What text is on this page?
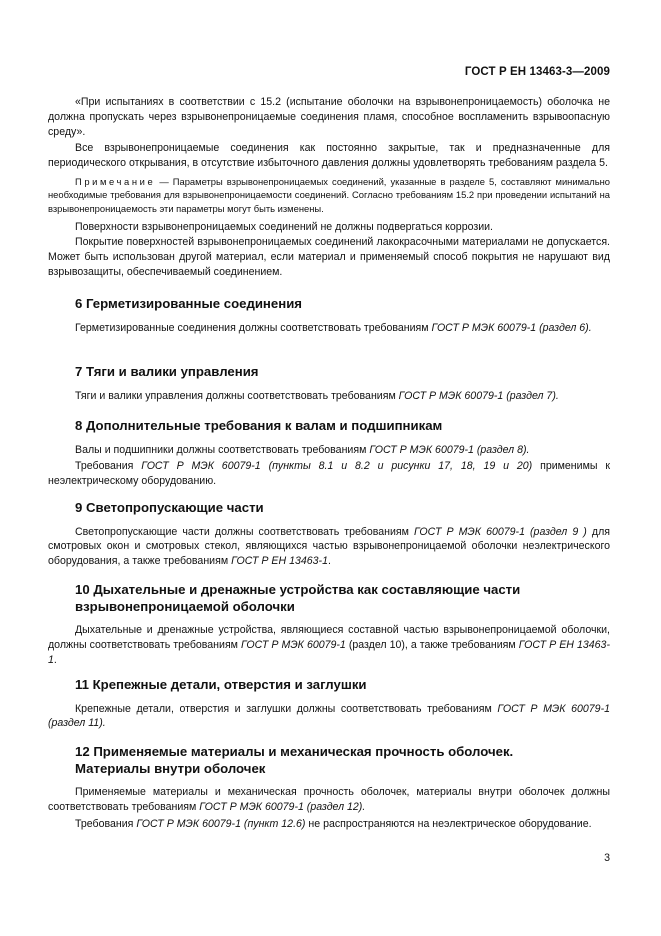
ГОСТ Р ЕН 13463-3—2009

«При испытаниях в соответствии с 15.2 (испытание оболочки на взрывонепроницаемость) оболочка не должна пропускать через взрывонепроницаемые соединения пламя, способное воспламенить взрывоопасную среду».

Все взрывонепроницаемые соединения как постоянно закрытые, так и предназначенные для периодического открывания, в отсутствие избыточного давления должны удовлетворять требованиям раздела 5.

Примечание — Параметры взрывонепроницаемых соединений, указанные в разделе 5, составляют минимально необходимые требования для взрывонепроницаемости соединений. Согласно требованиям 15.2 при проведении испытаний на взрывонепроницаемость эти параметры могут быть изменены.

Поверхности взрывонепроницаемых соединений не должны подвергаться коррозии.

Покрытие поверхностей взрывонепроницаемых соединений лакокрасочными материалами не допускается. Может быть использован другой материал, если материал и применяемый способ покрытия не нарушают вид взрывозащиты, обеспечиваемый соединением.

6 Герметизированные соединения

Герметизированные соединения должны соответствовать требованиям ГОСТ Р МЭК 60079-1 (раздел 6).

7 Тяги и валики управления

Тяги и валики управления должны соответствовать требованиям ГОСТ Р МЭК 60079-1 (раздел 7).

8 Дополнительные требования к валам и подшипникам

Валы и подшипники должны соответствовать требованиям ГОСТ Р МЭК 60079-1 (раздел 8).

Требования ГОСТ Р МЭК 60079-1 (пункты 8.1 и 8.2 и рисунки 17, 18, 19 и 20) применимы к неэлектрическому оборудованию.

9 Светопропускающие части

Светопропускающие части должны соответствовать требованиям ГОСТ Р МЭК 60079-1 (раздел 9 ) для смотровых окон и смотровых стекол, являющихся частью взрывонепроницаемой оболочки неэлектрического оборудования, а также требованиям ГОСТ Р ЕН 13463-1.

10 Дыхательные и дренажные устройства как составляющие части
взрывонепроницаемой оболочки

Дыхательные и дренажные устройства, являющиеся составной частью взрывонепроницаемой оболочки, должны соответствовать требованиям ГОСТ Р МЭК 60079-1 (раздел 10), а также требованиям ГОСТ Р ЕН 13463-1.

11 Крепежные детали, отверстия и заглушки

Крепежные детали, отверстия и заглушки должны соответствовать требованиям ГОСТ Р МЭК 60079-1 (раздел 11).

12 Применяемые материалы и механическая прочность оболочек.
Материалы внутри оболочек

Применяемые материалы и механическая прочность оболочек, материалы внутри оболочек должны соответствовать требованиям ГОСТ Р МЭК 60079-1 (раздел 12).

Требования ГОСТ Р МЭК 60079-1 (пункт 12.6) не распространяются на неэлектрическое оборудование.

3
